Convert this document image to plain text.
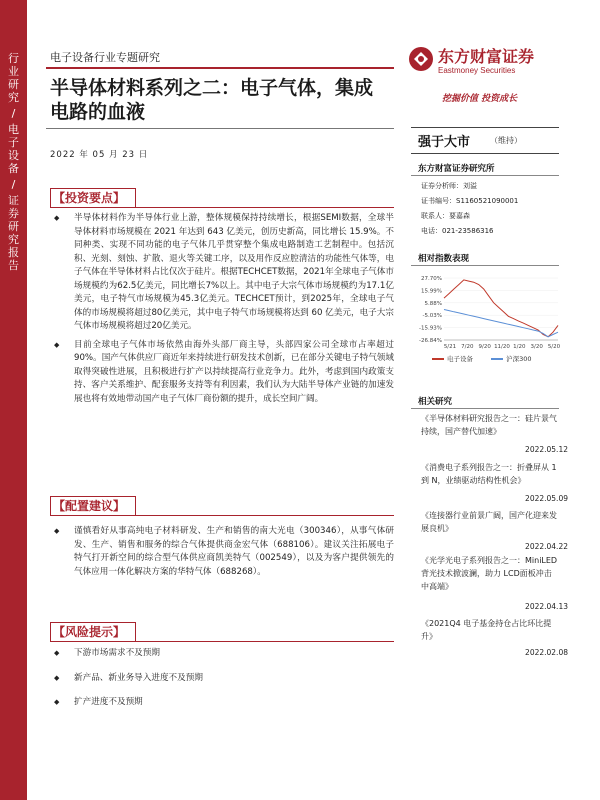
行业研究
/
电子设备
/
证券研究报告
电子设备行业专题研究
半导体材料系列之二：电子气体，集成
电路的血液
2022 年 05 月 23 日
东方财富证券
Eastmoney Securities
挖掘价值 投资成长
【投资要点】
◆ 半导体材料作为半导体行业上游，整体规模保持持续增长，根据SEMI数据，全球半导体材料市场规模在 2021 年达到 643 亿美元，创历史新高，同比增长 15.9%。不同种类、实现不同功能的电子气体几乎贯穿整个集成电路制造工艺制程中。包括沉积、光刻、刻蚀、扩散、退火等关键工序，以及用作反应腔清洁的功能性气体等，电子气体在半导体材料占比仅次于硅片。根据TECHCET数据，2021年全球电子气体市场规模约为62.5亿美元，同比增长7%以上。其中电子大宗气体市场规模约为17.1亿美元，电子特气市场规模为45.3亿美元。TECHCET预计，到2025年，全球电子气体的市场规模将超过80亿美元，其中电子特气市场规模将达到 60 亿美元，电子大宗气体市场规模将超过20亿美元。
◆ 目前全球电子气体市场依然由海外头部厂商主导，头部四家公司全球市占率超过 90%。国产气体供应厂商近年来持续进行研发技术创新，已在部分关键电子特气领域取得突破性进展，且积极进行扩产以持续提高行业竞争力。此外，考虑到国内政策支持、客户关系维护、配套服务支持等有利因素，我们认为大陆半导体产业链的加速发展也将有效地带动国产电子气体厂商份额的提升，成长空间广阔。
【配置建议】
◆ 谨慎看好从事高纯电子材料研发、生产和销售的南大光电（300346），从事气体研发、生产、销售和服务的综合气体提供商金宏气体（688106）。建议关注拓展电子特气打开新空间的综合型气体供应商凯美特气（002549），以及为客户提供领先的气体应用一体化解决方案的华特气体（688268）。
【风险提示】
◆ 下游市场需求不及预期
◆ 新产品、新业务导入进度不及预期
◆ 扩产进度不及预期
强于大市 （维持）
东方财富证券研究所
证券分析师：刘溢
证书编号：S1160521090001
联系人：要嘉森
电话：021-23586316
相对指数表现
27.70%
15.99%
5.88%
-5.03%
-15.93%
-26.84%
5/21 7/20 9/20 11/20 1/20 3/20 5/20
电子设备	沪深300
相关研究
《半导体材料研究报告之一：硅片景气持续，国产替代加速》
2022.05.12
《消费电子系列报告之一：折叠屏从 1 到 N，业绩驱动结构性机会》
2022.05.09
《连接器行业前景广阔，国产化迎来发展良机》
2022.04.22
《光学光电子系列报告之一：MiniLED 背光技术掀波澜，助力 LCD面板冲击中高端》
2022.04.13
《2021Q4 电子基金持仓占比环比提升》
2022.02.08
